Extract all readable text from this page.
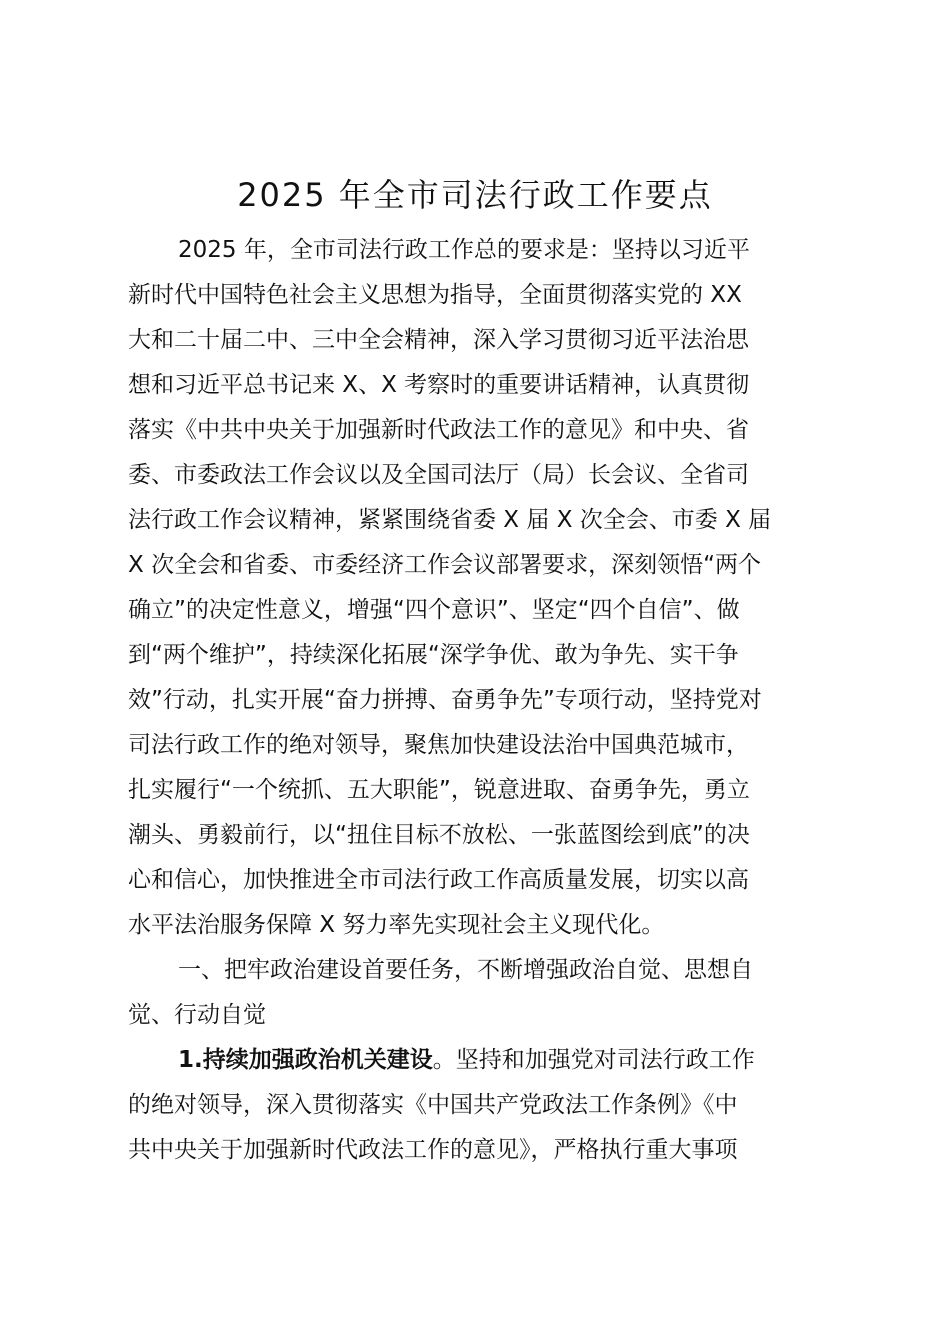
2025 年全市司法行政工作要点
2025 年，全市司法行政工作总的要求是：坚持以习近平
新时代中国特色社会主义思想为指导，全面贯彻落实党的 XX
大和二十届二中、三中全会精神，深入学习贯彻习近平法治思
想和习近平总书记来 X、X 考察时的重要讲话精神，认真贯彻
落实《中共中央关于加强新时代政法工作的意见》和中央、省
委、市委政法工作会议以及全国司法厅（局）长会议、全省司
法行政工作会议精神，紧紧围绕省委 X 届 X 次全会、市委 X 届
X 次全会和省委、市委经济工作会议部署要求，深刻领悟“两个
确立”的决定性意义，增强“四个意识”、坚定“四个自信”、做
到“两个维护”，持续深化拓展“深学争优、敢为争先、实干争
效”行动，扎实开展“奋力拼搏、奋勇争先”专项行动，坚持党对
司法行政工作的绝对领导，聚焦加快建设法治中国典范城市，
扎实履行“一个统抓、五大职能”，锐意进取、奋勇争先，勇立
潮头、勇毅前行，以“扭住目标不放松、一张蓝图绘到底”的决
心和信心，加快推进全市司法行政工作高质量发展，切实以高
水平法治服务保障 X 努力率先实现社会主义现代化。
一、把牢政治建设首要任务，不断增强政治自觉、思想自
觉、行动自觉
1.持续加强政治机关建设。坚持和加强党对司法行政工作
的绝对领导，深入贯彻落实《中国共产党政法工作条例》《中
共中央关于加强新时代政法工作的意见》，严格执行重大事项
